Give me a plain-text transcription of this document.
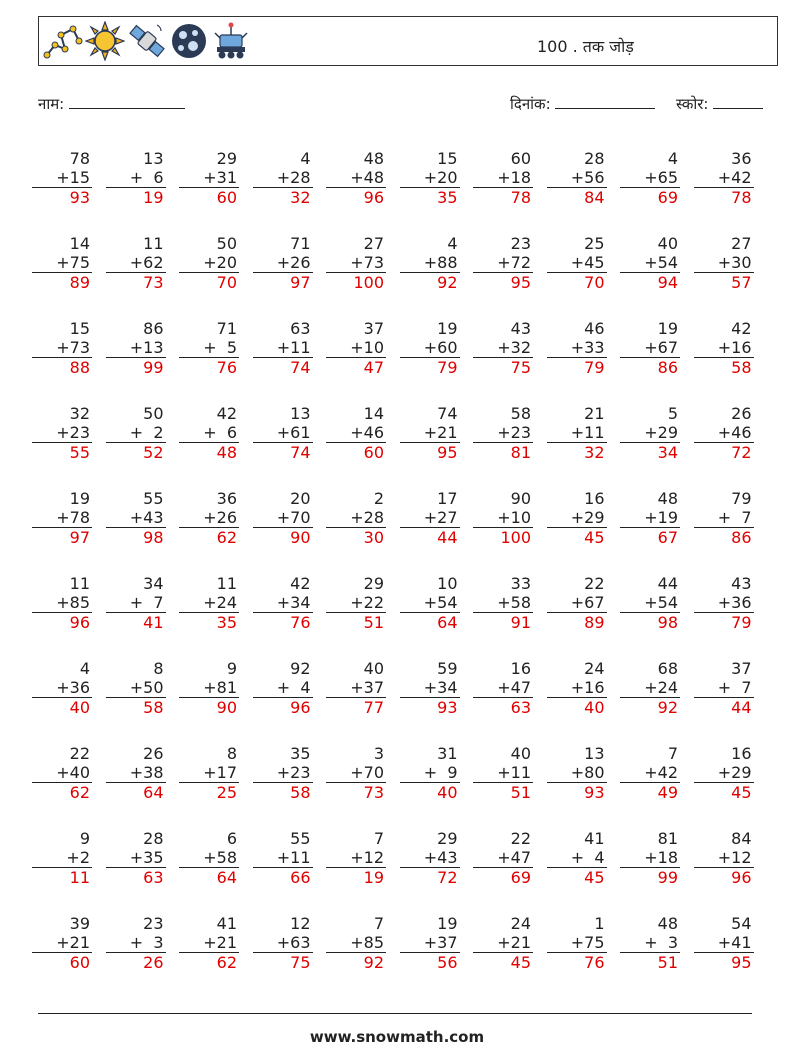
100 . तक जोड़
नाम:	दिनांक:	स्कोर:
78
+15
93
13
+  6
19
29
+31
60
4
+28
32
48
+48
96
15
+20
35
60
+18
78
28
+56
84
4
+65
69
36
+42
78
14
+75
89
11
+62
73
50
+20
70
71
+26
97
27
+73
100
4
+88
92
23
+72
95
25
+45
70
40
+54
94
27
+30
57
15
+73
88
86
+13
99
71
+  5
76
63
+11
74
37
+10
47
19
+60
79
43
+32
75
46
+33
79
19
+67
86
42
+16
58
32
+23
55
50
+  2
52
42
+  6
48
13
+61
74
14
+46
60
74
+21
95
58
+23
81
21
+11
32
5
+29
34
26
+46
72
19
+78
97
55
+43
98
36
+26
62
20
+70
90
2
+28
30
17
+27
44
90
+10
100
16
+29
45
48
+19
67
79
+  7
86
11
+85
96
34
+  7
41
11
+24
35
42
+34
76
29
+22
51
10
+54
64
33
+58
91
22
+67
89
44
+54
98
43
+36
79
4
+36
40
8
+50
58
9
+81
90
92
+  4
96
40
+37
77
59
+34
93
16
+47
63
24
+16
40
68
+24
92
37
+  7
44
22
+40
62
26
+38
64
8
+17
25
35
+23
58
3
+70
73
31
+  9
40
40
+11
51
13
+80
93
7
+42
49
16
+29
45
9
+2
11
28
+35
63
6
+58
64
55
+11
66
7
+12
19
29
+43
72
22
+47
69
41
+  4
45
81
+18
99
84
+12
96
39
+21
60
23
+  3
26
41
+21
62
12
+63
75
7
+85
92
19
+37
56
24
+21
45
1
+75
76
48
+  3
51
54
+41
95
www.snowmath.com
